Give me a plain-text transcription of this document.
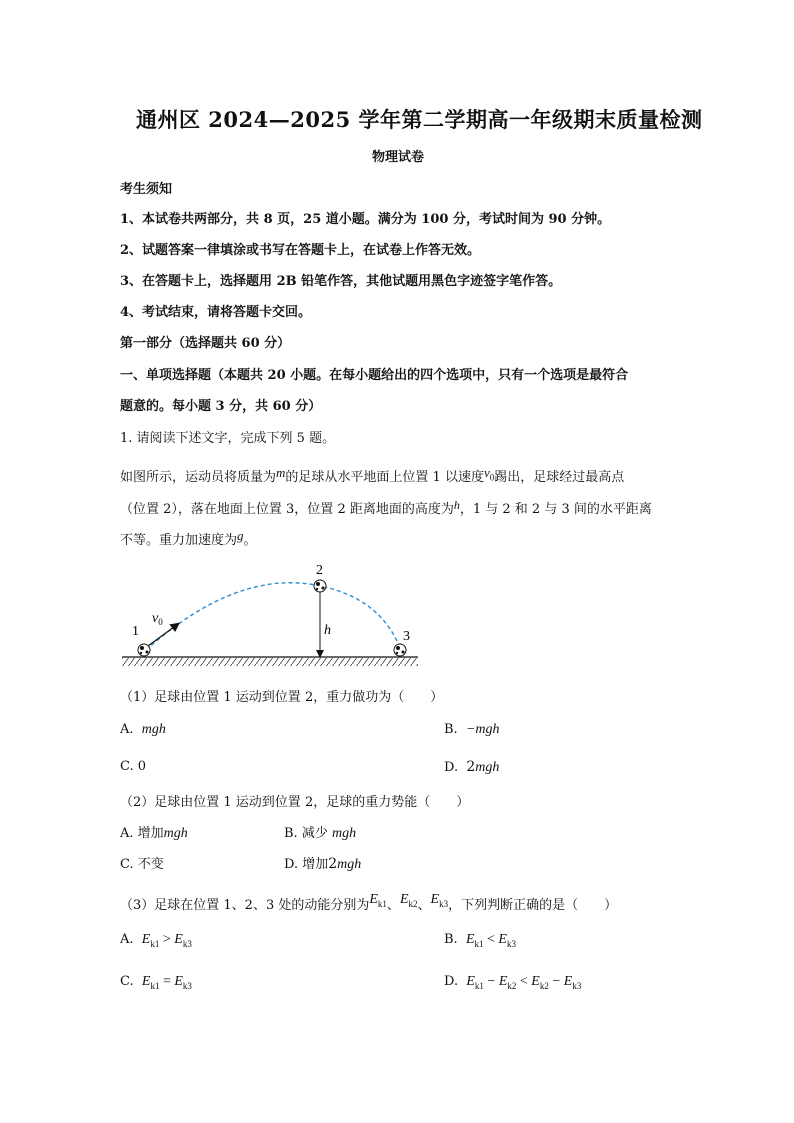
通州区 2024—2025 学年第二学期高一年级期末质量检测
物理试卷
考生须知
1、本试卷共两部分，共 8 页，25 道小题。满分为 100 分，考试时间为 90 分钟。
2、试题答案一律填涂或书写在答题卡上，在试卷上作答无效。
3、在答题卡上，选择题用 2B 铅笔作答，其他试题用黑色字迹签字笔作答。
4、考试结束，请将答题卡交回。
第一部分（选择题共 60 分）
一、单项选择题（本题共 20 小题。在每小题给出的四个选项中，只有一个选项是最符合
题意的。每小题 3 分，共 60 分）
1. 请阅读下述文字，完成下列 5 题。
如图所示，运动员将质量为m的足球从水平地面上位置 1 以速度$v_0$踢出，足球经过最高点
（位置 2），落在地面上位置 3，位置 2 距离地面的高度为h，1 与 2 和 2 与 3 间的水平距离
不等。重力加速度为g。
1
2
3
$v_0$
h
（1）足球由位置 1 运动到位置 2，重力做功为（　　）
A. mgh	B. −mgh
C. 0	D. 2mgh
（2）足球由位置 1 运动到位置 2，足球的重力势能（　　）
A. 增加mgh	B. 减少 mgh
C. 不变	D. 增加2mgh
（3）足球在位置 1、2、3 处的动能分别为$E_{k1}$、$E_{k2}$、$E_{k3}$，下列判断正确的是（　　）
A. $E_{k1} > E_{k3}$	B. $E_{k1} < E_{k3}$
C. $E_{k1} = E_{k3}$	D. $E_{k1} - E_{k2} < E_{k2} - E_{k3}$
